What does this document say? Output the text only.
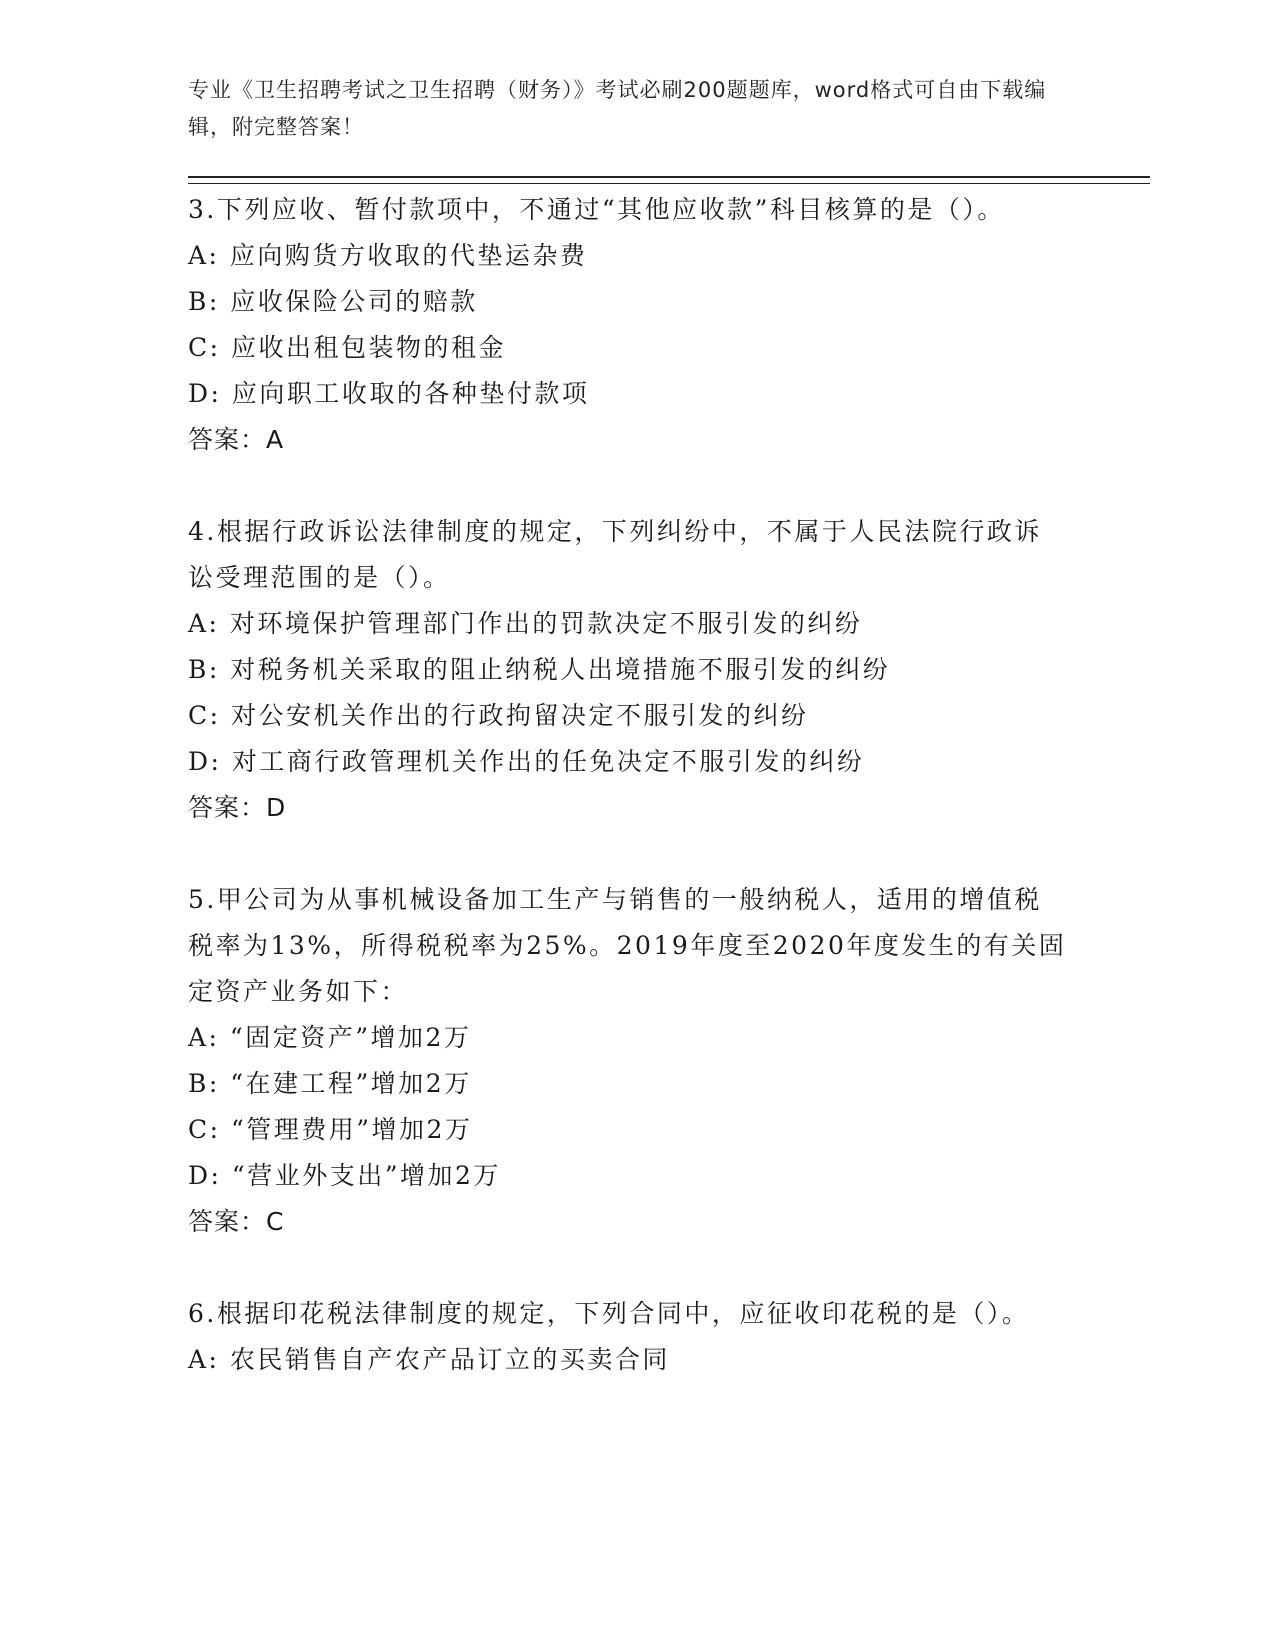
专业《卫生招聘考试之卫生招聘（财务）》考试必刷200题题库，word格式可自由下载编辑，附完整答案！

3.下列应收、暂付款项中，不通过“其他应收款”科目核算的是（）。

A: 应向购货方收取的代垫运杂费

B: 应收保险公司的赔款

C: 应收出租包装物的租金

D: 应向职工收取的各种垫付款项

答案：A

4.根据行政诉讼法律制度的规定，下列纠纷中，不属于人民法院行政诉讼受理范围的是（）。

A: 对环境保护管理部门作出的罚款决定不服引发的纠纷

B: 对税务机关采取的阻止纳税人出境措施不服引发的纠纷

C: 对公安机关作出的行政拘留决定不服引发的纠纷

D: 对工商行政管理机关作出的任免决定不服引发的纠纷

答案：D

5.甲公司为从事机械设备加工生产与销售的一般纳税人，适用的增值税税率为13%，所得税税率为25%。2019年度至2020年度发生的有关固定资产业务如下：

A: “固定资产”增加2万

B: “在建工程”增加2万

C: “管理费用”增加2万

D: “营业外支出”增加2万

答案：C

6.根据印花税法律制度的规定，下列合同中，应征收印花税的是（）。

A: 农民销售自产农产品订立的买卖合同
